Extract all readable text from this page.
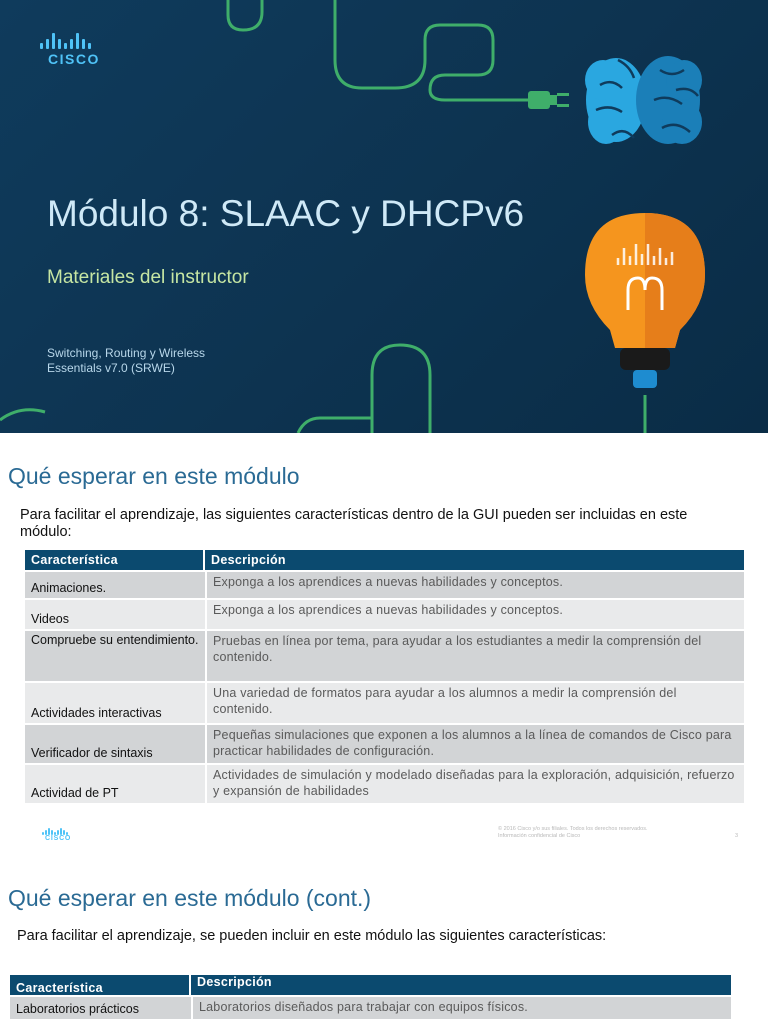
CISCO
Módulo 8: SLAAC y DHCPv6
Materiales del instructor
Switching, Routing y Wireless
Essentials v7.0 (SRWE)
Qué esperar en este módulo
Para facilitar el aprendizaje, las siguientes características dentro de la GUI pueden ser incluidas en este módulo:
Característica	Descripción
Animaciones.	Exponga a los aprendices a nuevas habilidades y conceptos.
Videos	Exponga a los aprendices a nuevas habilidades y conceptos.
Compruebe su entendimiento.	Pruebas en línea por tema, para ayudar a los estudiantes a medir la comprensión del contenido.
Actividades interactivas	Una variedad de formatos para ayudar a los alumnos a medir la comprensión del contenido.
Verificador de sintaxis	Pequeñas simulaciones que exponen a los alumnos a la línea de comandos de Cisco para practicar habilidades de configuración.
Actividad de PT	Actividades de simulación y modelado diseñadas para la exploración, adquisición, refuerzo y expansión de habilidades
CISCO
© 2016 Cisco y/o sus filiales. Todos los derechos reservados.
Información confidencial de Cisco	3
Qué esperar en este módulo (cont.)
Para facilitar el aprendizaje, se pueden incluir en este módulo las siguientes características:
Característica	Descripción
Laboratorios prácticos	Laboratorios diseñados para trabajar con equipos físicos.
